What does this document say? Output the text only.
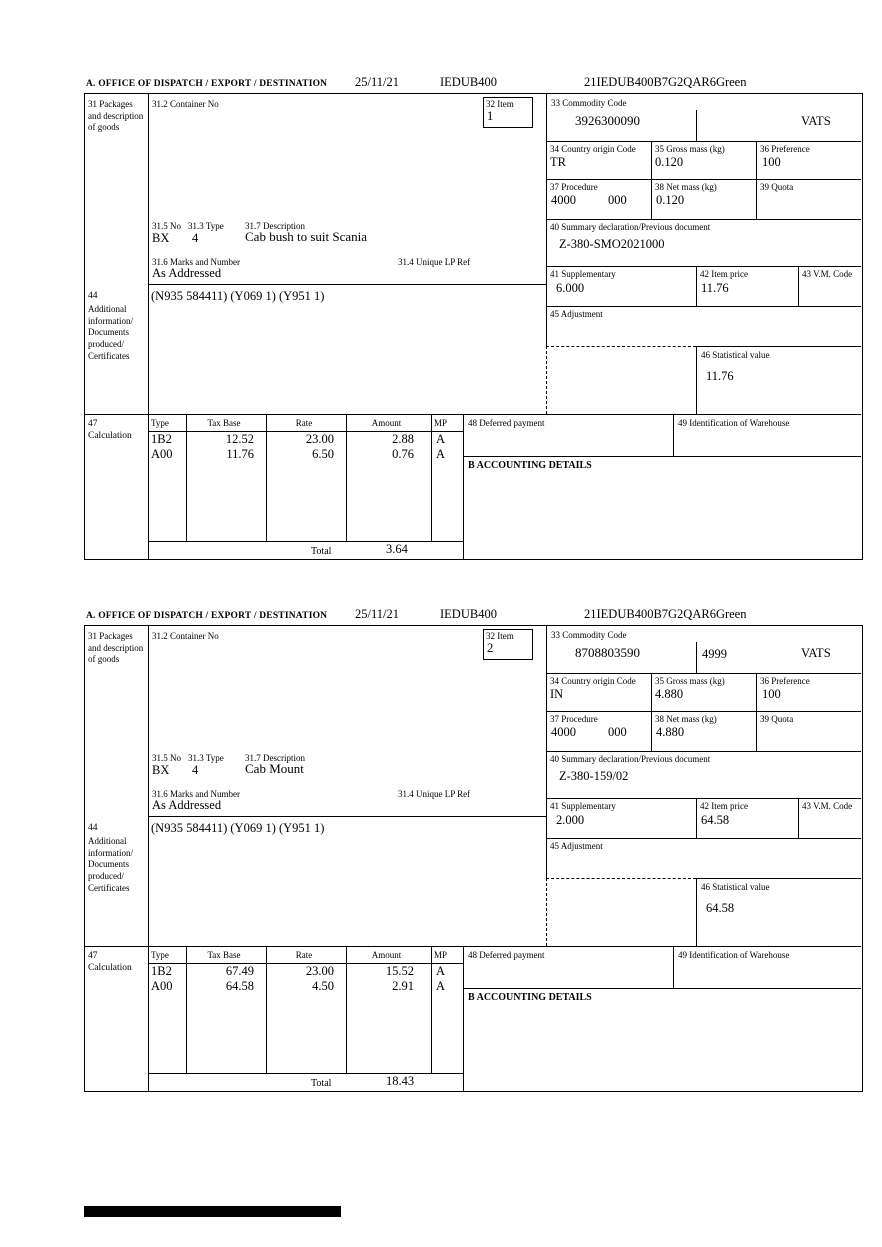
A. OFFICE OF DISPATCH / EXPORT / DESTINATION 25/11/21	IEDUB400	21IEDUB400B7G2QAR6Green
31 Packages and description of goods
44
Additional information/ Documents produced/ Certificates
47 Calculation
31.2 Container No	32 Item
1
31.5 No 31.3 Type 31.7 Description
BX 4	Cab bush to suit Scania
31.6 Marks and Number	31.4 Unique LP Ref
As Addressed
(N935 584411) (Y069 1) (Y951 1)
33 Commodity Code
3926300090	VATS
34 Country origin Code
TR
35 Gross mass (kg)
0.120
36 Preference
100
37 Procedure
4000	000
38 Net mass (kg)
0.120
39 Quota
40 Summary declaration/Previous document
Z-380-SMO2021000
41 Supplementary
6.000
42 Item price
11.76
43 V.M. Code
45 Adjustment
46 Statistical value
11.76
Type	Tax Base	Rate	Amount	MP
1B2	12.52	23.00	2.88 A
A00	11.76	6.50	0.76 A
Total	3.64
48 Deferred payment	49 Identification of Warehouse
B ACCOUNTING DETAILS
A. OFFICE OF DISPATCH / EXPORT / DESTINATION 25/11/21	IEDUB400	21IEDUB400B7G2QAR6Green
31 Packages and description of goods
44
Additional information/ Documents produced/ Certificates
47 Calculation
31.2 Container No	32 Item
2
31.5 No 31.3 Type 31.7 Description
BX 4	Cab Mount
31.6 Marks and Number	31.4 Unique LP Ref
As Addressed
(N935 584411) (Y069 1) (Y951 1)
33 Commodity Code
8708803590	4999	VATS
34 Country origin Code
IN
35 Gross mass (kg)
4.880
36 Preference
100
37 Procedure
4000	000
38 Net mass (kg)
4.880
39 Quota
40 Summary declaration/Previous document
Z-380-159/02
41 Supplementary
2.000
42 Item price
64.58
43 V.M. Code
45 Adjustment
46 Statistical value
64.58
Type	Tax Base	Rate	Amount	MP
1B2	67.49	23.00	15.52 A
A00	64.58	4.50	2.91 A
Total	18.43
48 Deferred payment	49 Identification of Warehouse
B ACCOUNTING DETAILS
